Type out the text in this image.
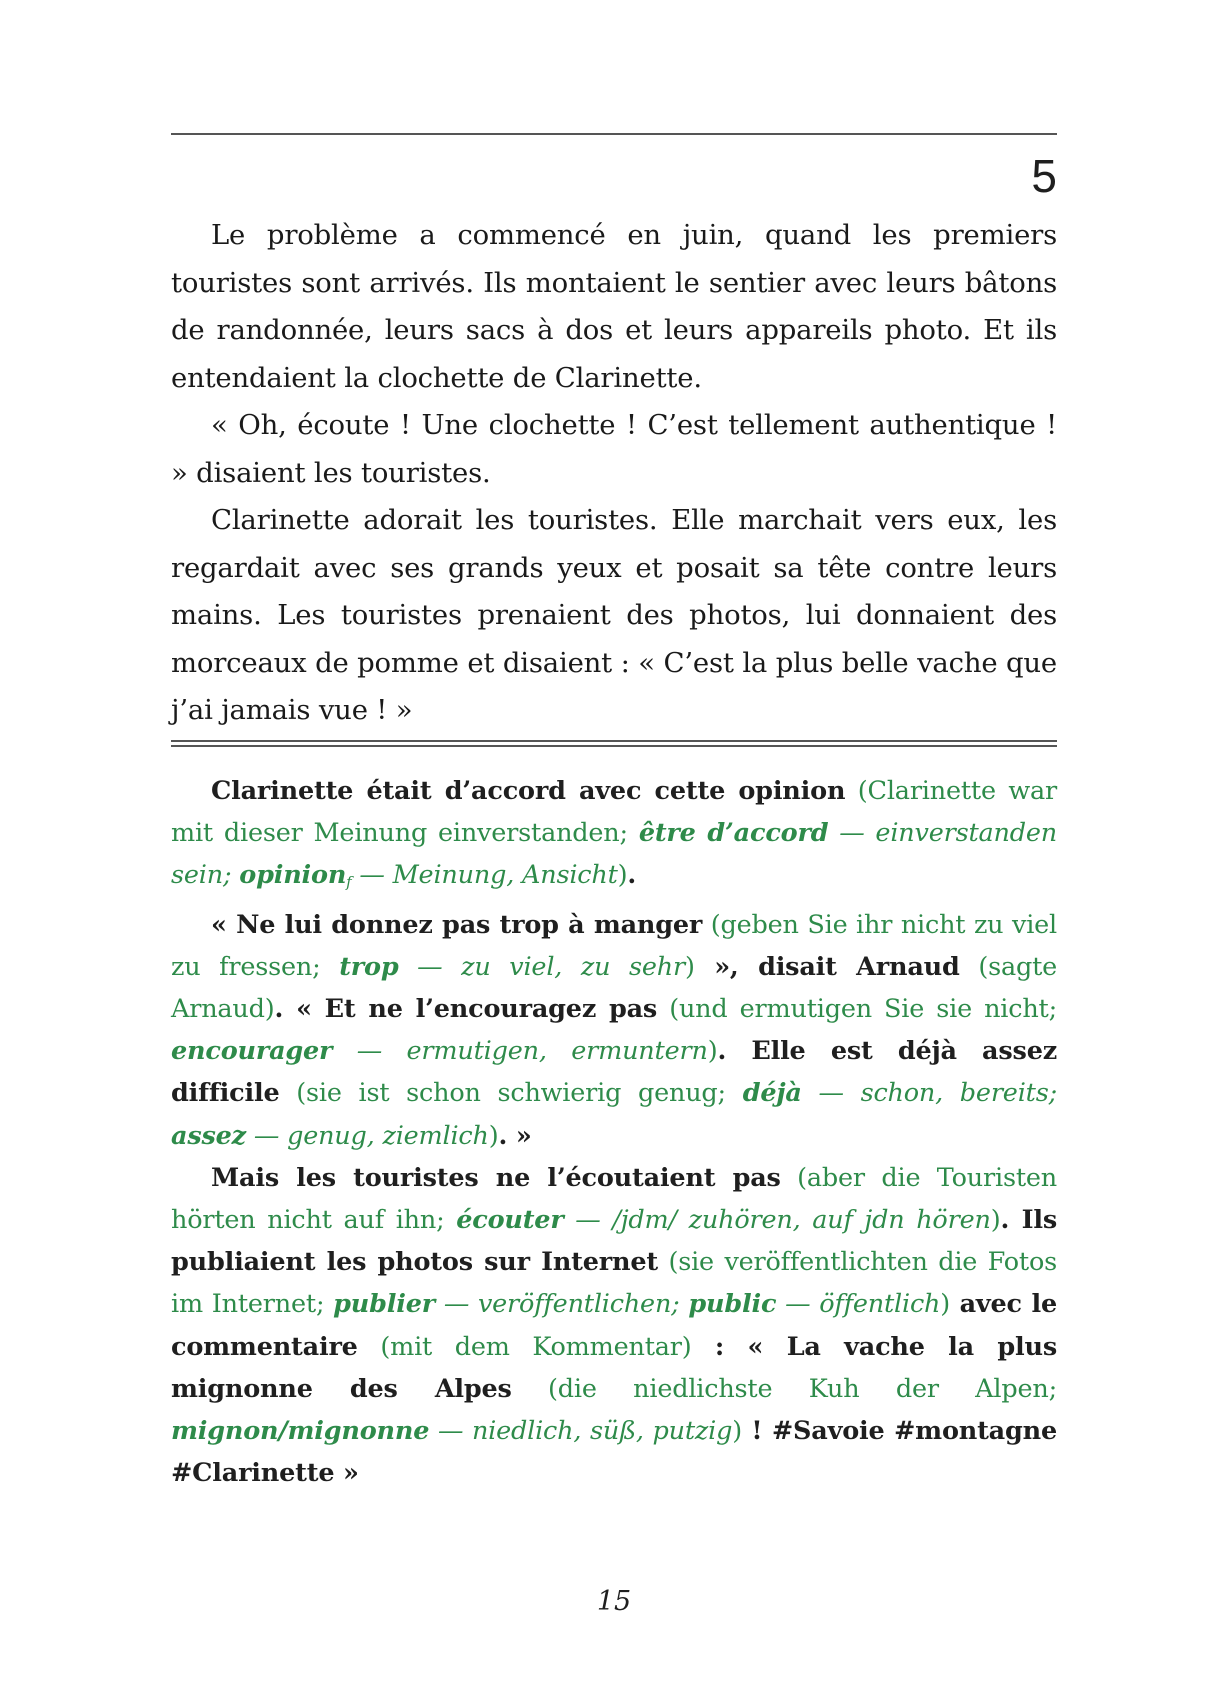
5

Le problème a commencé en juin, quand les premiers touristes sont arrivés. Ils montaient le sentier avec leurs bâtons de randonnée, leurs sacs à dos et leurs appareils photo. Et ils entendaient la clochette de Clarinette.

« Oh, écoute ! Une clochette ! C’est tellement authentique ! » disaient les touristes.

Clarinette adorait les touristes. Elle marchait vers eux, les regardait avec ses grands yeux et posait sa tête contre leurs mains. Les touristes prenaient des photos, lui donnaient des morceaux de pomme et disaient : « C’est la plus belle vache que j’ai jamais vue ! »

Clarinette était d’accord avec cette opinion (Clarinette war mit dieser Meinung einverstanden; être d’accord — einverstanden sein; opinion$_f$ — Meinung, Ansicht).

« Ne lui donnez pas trop à manger (geben Sie ihr nicht zu viel zu fressen; trop — zu viel, zu sehr) », disait Arnaud (sagte Arnaud). « Et ne l’encouragez pas (und ermutigen Sie sie nicht; encourager — ermutigen, ermuntern). Elle est déjà assez difficile (sie ist schon schwierig genug; déjà — schon, bereits; assez — genug, ziemlich). »

Mais les touristes ne l’écoutaient pas (aber die Touristen hörten nicht auf ihn; écouter — /jdm/ zuhören, auf jdn hören). Ils publiaient les photos sur Internet (sie veröffentlichten die Fotos im Internet; publier — veröffentlichen; public — öffentlich) avec le commentaire (mit dem Kommentar) : « La vache la plus mignonne des Alpes (die niedlichste Kuh der Alpen; mignon/mignonne — niedlich, süß, putzig) ! #Savoie #montagne #Clarinette »

15
